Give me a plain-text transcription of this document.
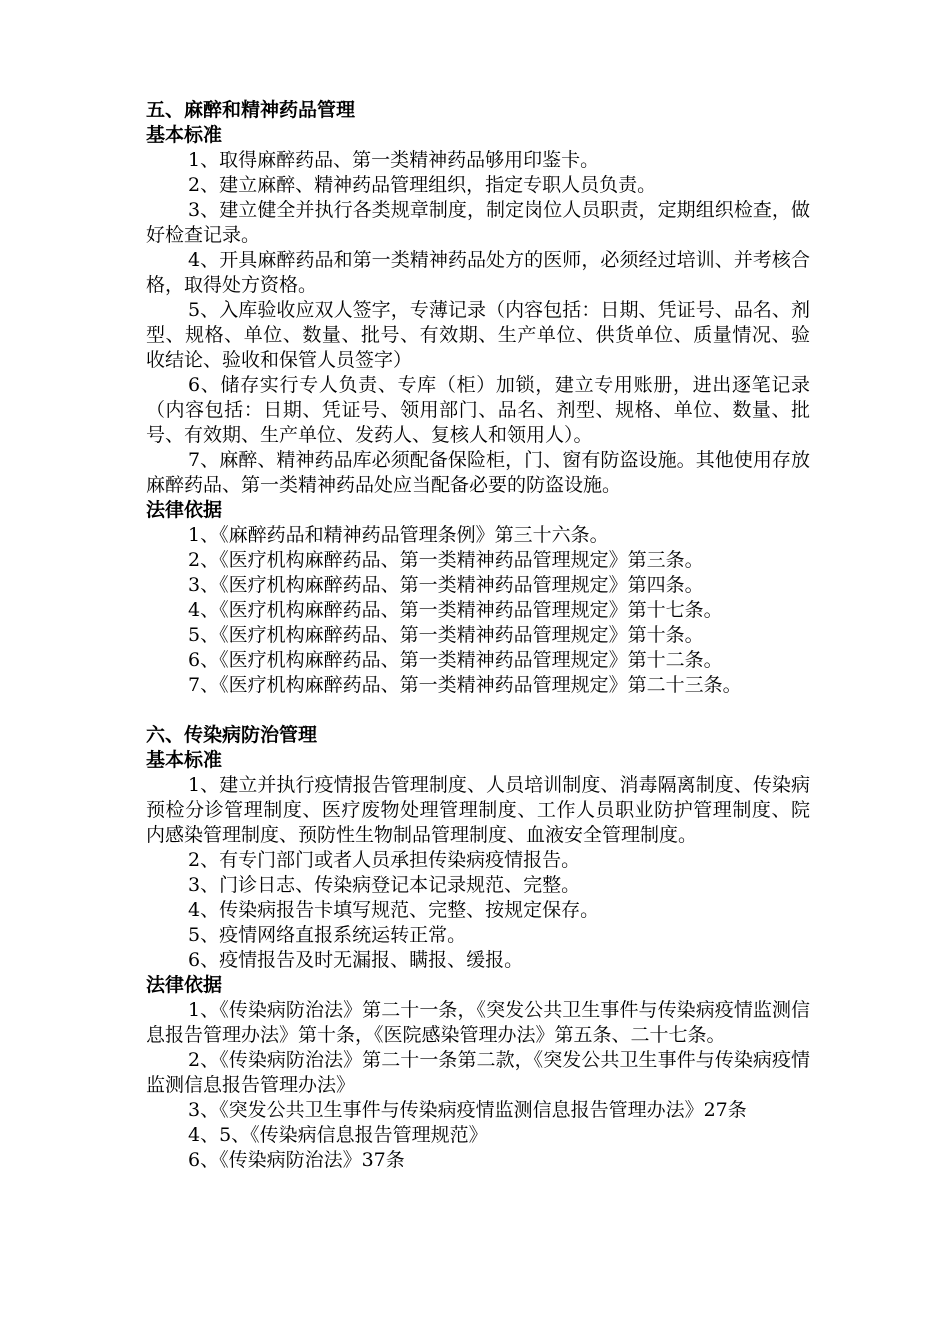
五、麻醉和精神药品管理
基本标准

1、取得麻醉药品、第一类精神药品够用印鉴卡。

2、建立麻醉、精神药品管理组织，指定专职人员负责。

3、建立健全并执行各类规章制度，制定岗位人员职责，定期组织检查，做好检查记录。

4、开具麻醉药品和第一类精神药品处方的医师，必须经过培训、并考核合格，取得处方资格。

5、入库验收应双人签字，专薄记录（内容包括：日期、凭证号、品名、剂型、规格、单位、数量、批号、有效期、生产单位、供货单位、质量情况、验收结论、验收和保管人员签字）

6、储存实行专人负责、专库（柜）加锁，建立专用账册，进出逐笔记录（内容包括：日期、凭证号、领用部门、品名、剂型、规格、单位、数量、批号、有效期、生产单位、发药人、复核人和领用人）。

7、麻醉、精神药品库必须配备保险柜，门、窗有防盗设施。其他使用存放麻醉药品、第一类精神药品处应当配备必要的防盗设施。

法律依据

1、《麻醉药品和精神药品管理条例》第三十六条。

2、《医疗机构麻醉药品、第一类精神药品管理规定》第三条。

3、《医疗机构麻醉药品、第一类精神药品管理规定》第四条。

4、《医疗机构麻醉药品、第一类精神药品管理规定》第十七条。

5、《医疗机构麻醉药品、第一类精神药品管理规定》第十条。

6、《医疗机构麻醉药品、第一类精神药品管理规定》第十二条。

7、《医疗机构麻醉药品、第一类精神药品管理规定》第二十三条。

六、传染病防治管理
基本标准

1、建立并执行疫情报告管理制度、人员培训制度、消毒隔离制度、传染病预检分诊管理制度、医疗废物处理管理制度、工作人员职业防护管理制度、院内感染管理制度、预防性生物制品管理制度、血液安全管理制度。

2、有专门部门或者人员承担传染病疫情报告。

3、门诊日志、传染病登记本记录规范、完整。

4、传染病报告卡填写规范、完整、按规定保存。

5、疫情网络直报系统运转正常。

6、疫情报告及时无漏报、瞒报、缓报。

法律依据

1、《传染病防治法》第二十一条，《突发公共卫生事件与传染病疫情监测信息报告管理办法》第十条，《医院感染管理办法》第五条、二十七条。

2、《传染病防治法》第二十一条第二款，《突发公共卫生事件与传染病疫情监测信息报告管理办法》

3、《突发公共卫生事件与传染病疫情监测信息报告管理办法》27条

4、5、《传染病信息报告管理规范》

6、《传染病防治法》37条
